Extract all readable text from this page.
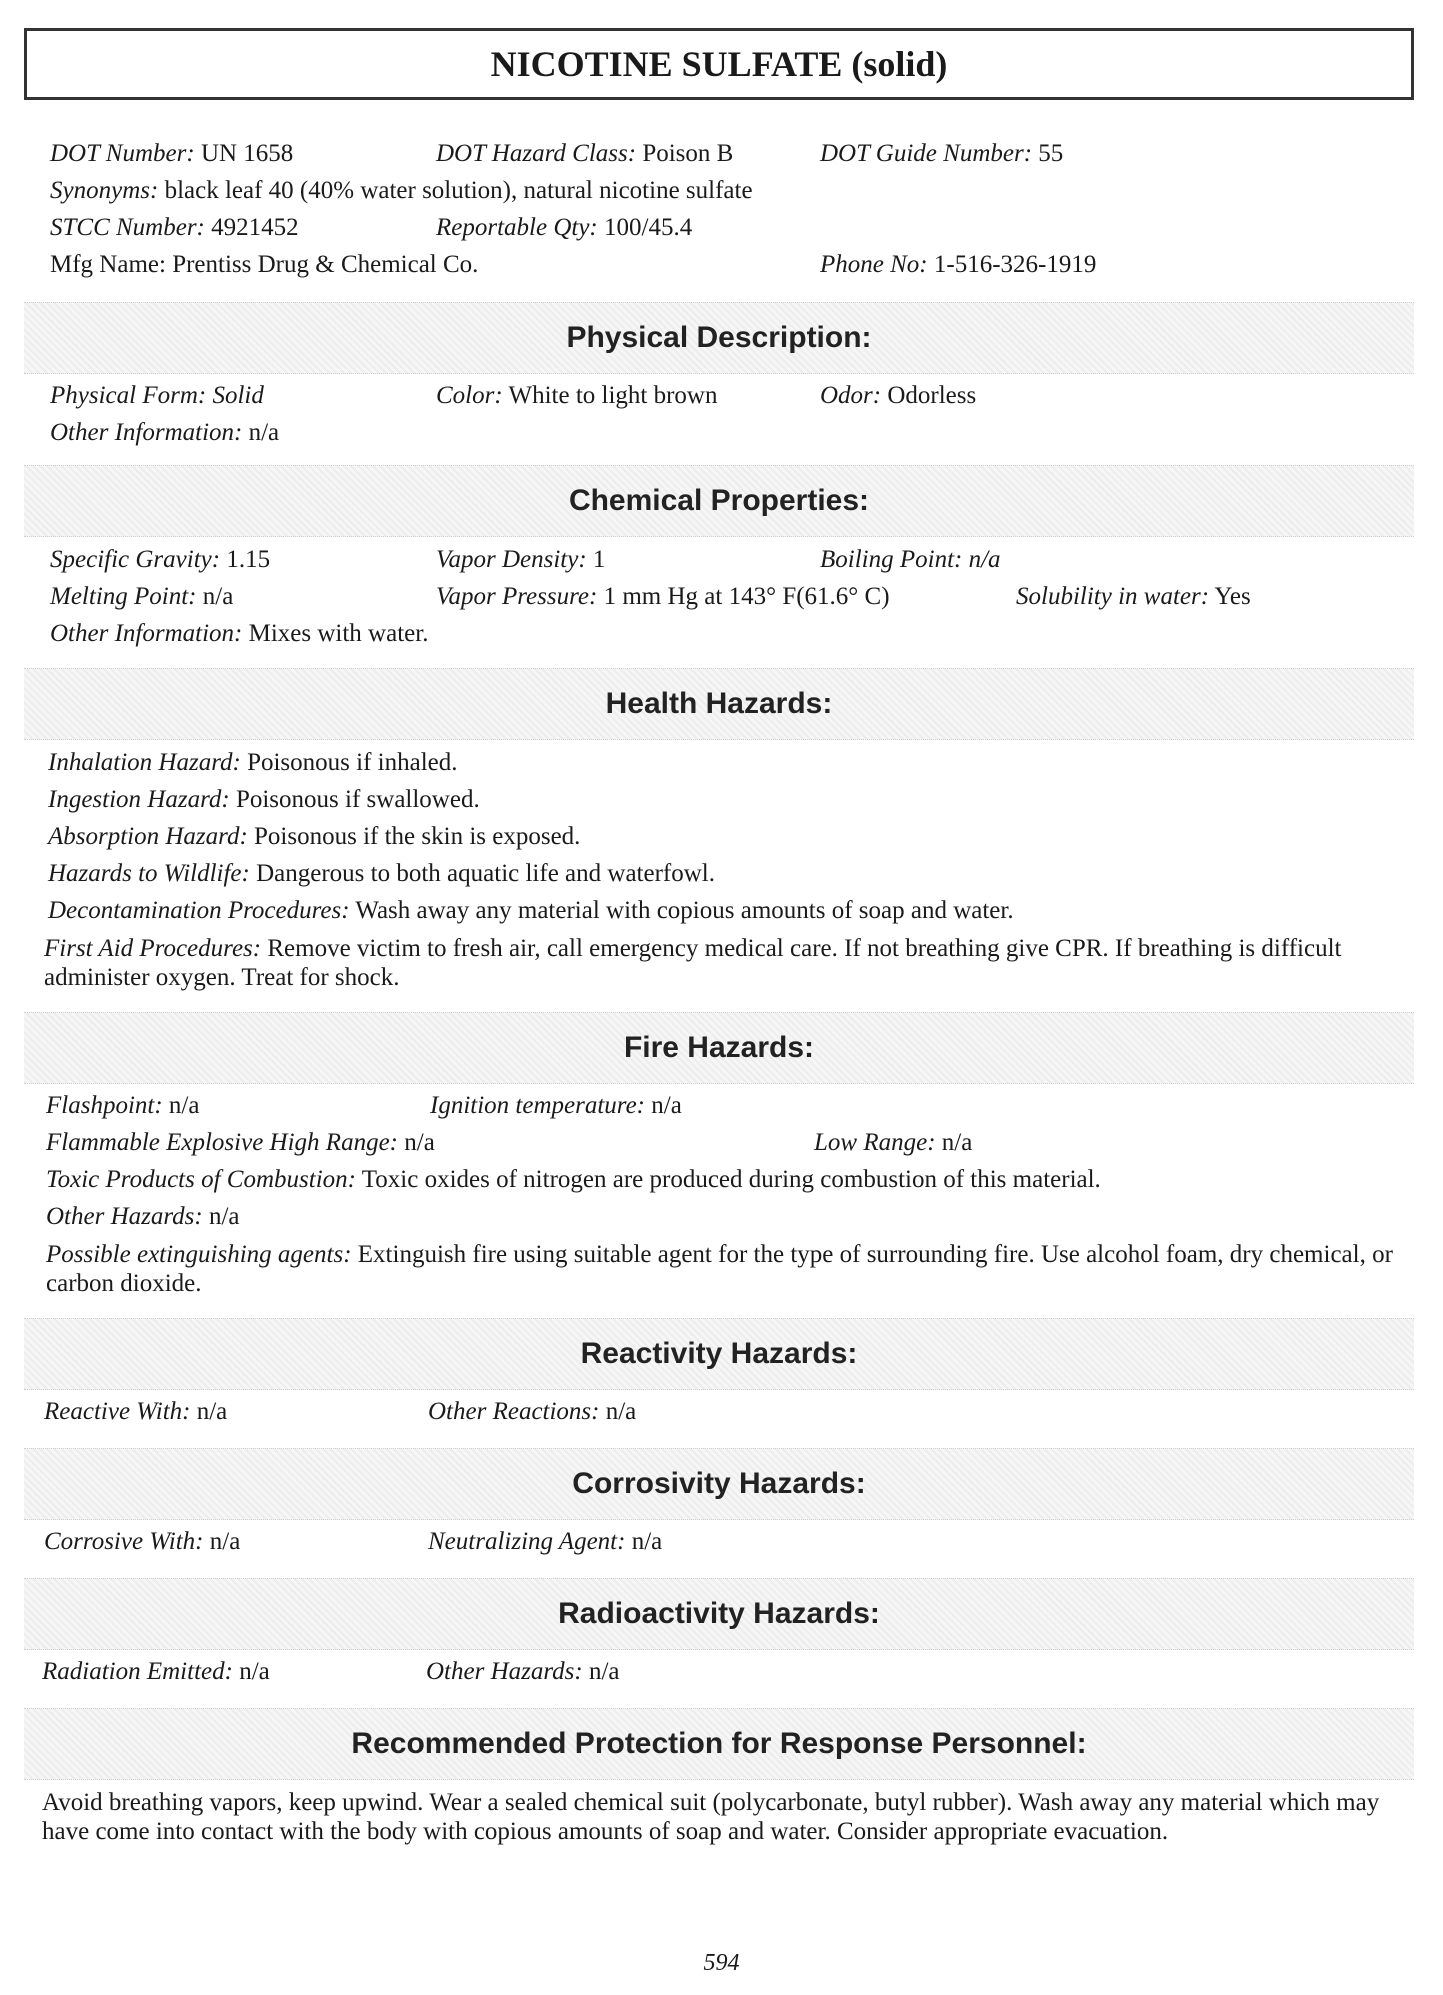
NICOTINE SULFATE (solid)
DOT Number: UN 1658	DOT Hazard Class: Poison B	DOT Guide Number: 55
Synonyms: black leaf 40 (40% water solution), natural nicotine sulfate
STCC Number: 4921452	Reportable Qty: 100/45.4
Mfg Name: Prentiss Drug & Chemical Co.	Phone No: 1-516-326-1919
Physical Description:
Physical Form: Solid	Color: White to light brown	Odor: Odorless
Other Information: n/a
Chemical Properties:
Specific Gravity: 1.15	Vapor Density: 1	Boiling Point: n/a
Melting Point: n/a	Vapor Pressure: 1 mm Hg at 143° F(61.6° C)	Solubility in water: Yes
Other Information: Mixes with water.
Health Hazards:
Inhalation Hazard: Poisonous if inhaled.
Ingestion Hazard: Poisonous if swallowed.
Absorption Hazard: Poisonous if the skin is exposed.
Hazards to Wildlife: Dangerous to both aquatic life and waterfowl.
Decontamination Procedures: Wash away any material with copious amounts of soap and water.
First Aid Procedures: Remove victim to fresh air, call emergency medical care. If not breathing give CPR. If breathing is difficult administer oxygen. Treat for shock.
Fire Hazards:
Flashpoint: n/a	Ignition temperature: n/a
Flammable Explosive High Range: n/a	Low Range: n/a
Toxic Products of Combustion: Toxic oxides of nitrogen are produced during combustion of this material.
Other Hazards: n/a
Possible extinguishing agents: Extinguish fire using suitable agent for the type of surrounding fire. Use alcohol foam, dry chemical, or carbon dioxide.
Reactivity Hazards:
Reactive With: n/a	Other Reactions: n/a
Corrosivity Hazards:
Corrosive With: n/a	Neutralizing Agent: n/a
Radioactivity Hazards:
Radiation Emitted: n/a	Other Hazards: n/a
Recommended Protection for Response Personnel:
Avoid breathing vapors, keep upwind. Wear a sealed chemical suit (polycarbonate, butyl rubber). Wash away any material which may have come into contact with the body with copious amounts of soap and water. Consider appropriate evacuation.
594
